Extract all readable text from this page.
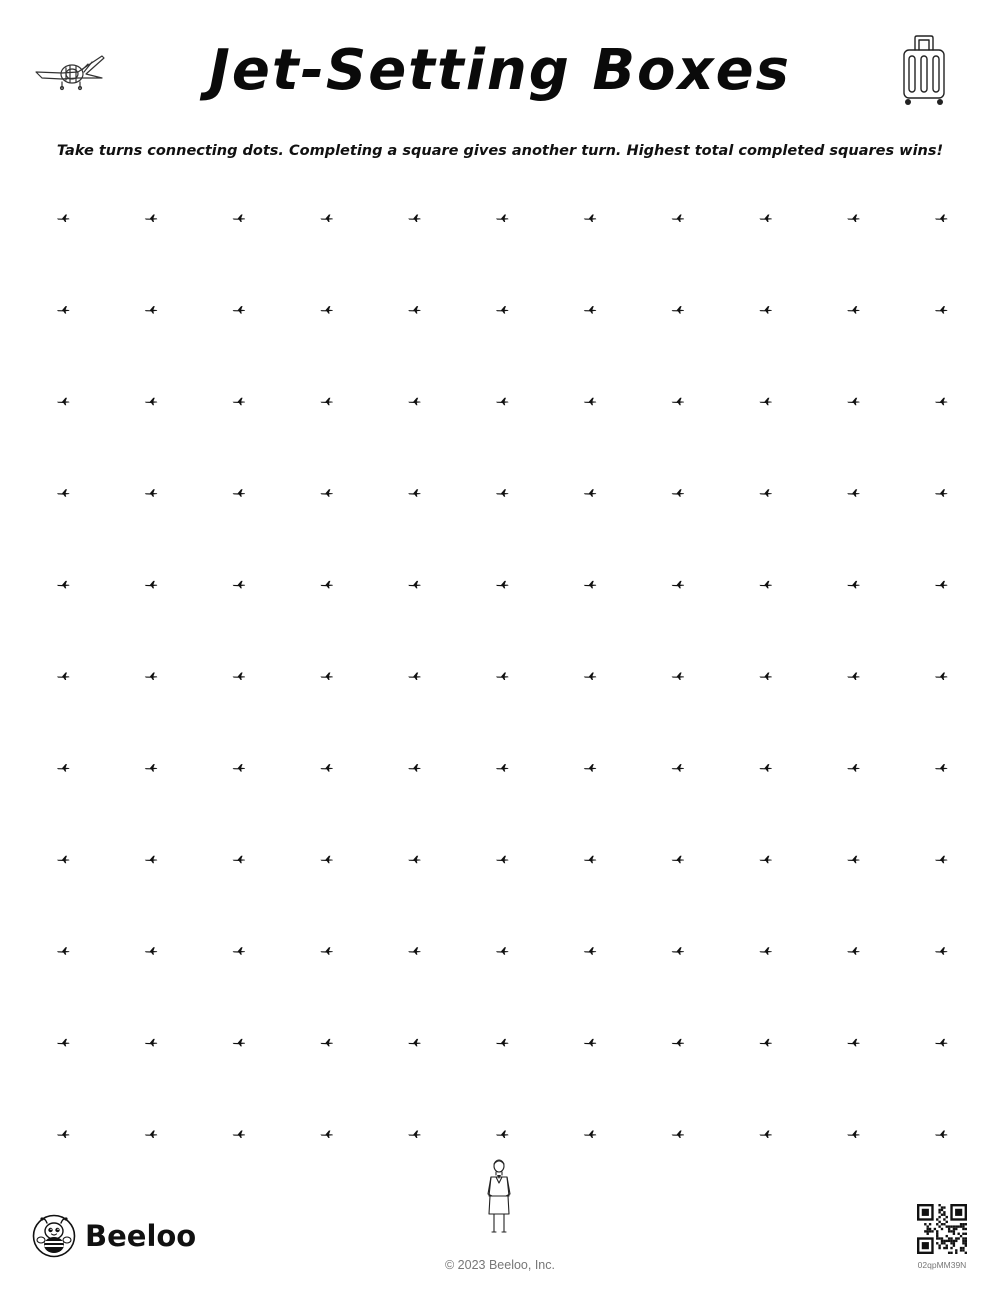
Jet-Setting Boxes
Take turns connecting dots. Completing a square gives another turn. Highest total completed squares wins!
Beeloo
© 2023 Beeloo, Inc.	02qpMM39N
